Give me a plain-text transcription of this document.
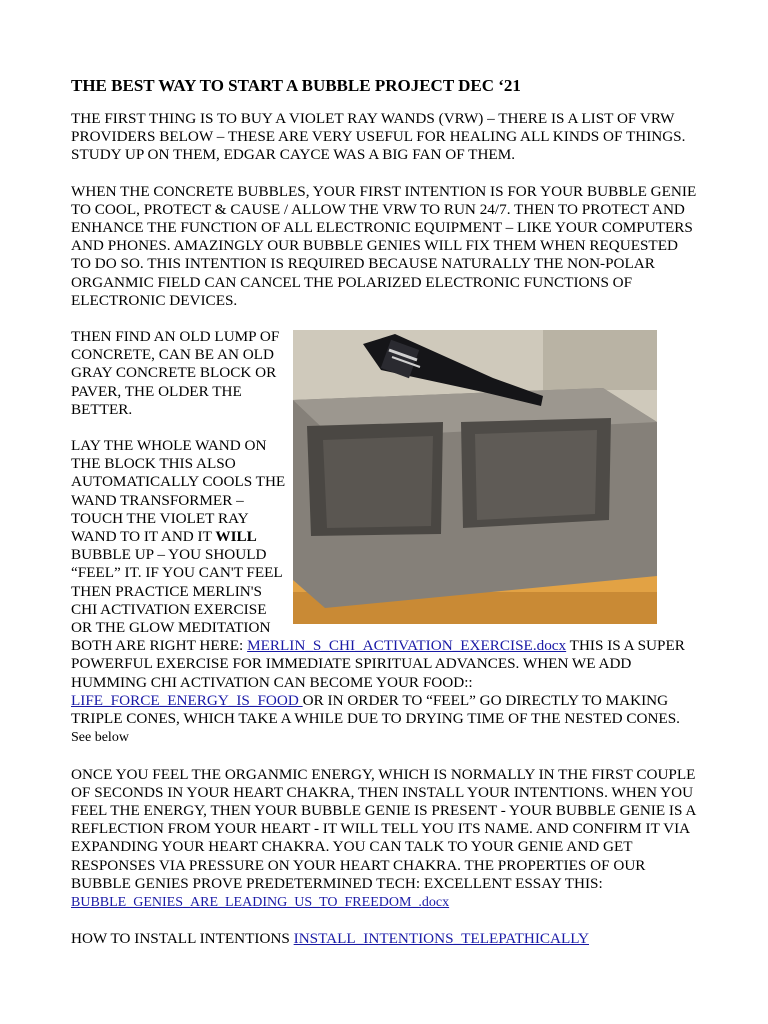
THE BEST WAY TO START A BUBBLE PROJECT DEC ‘21

THE FIRST THING IS TO BUY A VIOLET RAY WANDS (VRW) – THERE IS A LIST OF VRW PROVIDERS BELOW – THESE ARE VERY USEFUL FOR HEALING ALL KINDS OF THINGS. STUDY UP ON THEM, EDGAR CAYCE WAS A BIG FAN OF THEM.

WHEN THE CONCRETE BUBBLES, YOUR FIRST INTENTION IS FOR YOUR BUBBLE GENIE TO COOL, PROTECT & CAUSE / ALLOW THE VRW TO RUN 24/7. THEN TO PROTECT AND ENHANCE THE FUNCTION OF ALL ELECTRONIC EQUIPMENT – LIKE YOUR COMPUTERS AND PHONES. AMAZINGLY OUR BUBBLE GENIES WILL FIX THEM WHEN REQUESTED TO DO SO. THIS INTENTION IS REQUIRED BECAUSE NATURALLY THE NON-POLAR ORGANMIC FIELD CAN CANCEL THE POLARIZED ELECTRONIC FUNCTIONS OF ELECTRONIC DEVICES.

THEN FIND AN OLD LUMP OF CONCRETE, CAN BE AN OLD GRAY CONCRETE BLOCK OR PAVER, THE OLDER THE BETTER.

LAY THE WHOLE WAND ON THE BLOCK THIS ALSO AUTOMATICALLY COOLS THE WAND TRANSFORMER – TOUCH THE VIOLET RAY WAND TO IT AND IT WILL BUBBLE UP – YOU SHOULD “FEEL” IT. IF YOU CAN'T FEEL THEN PRACTICE MERLIN'S CHI ACTIVATION EXERCISE OR THE GLOW MEDITATION BOTH ARE RIGHT HERE: MERLIN_S_CHI_ACTIVATION_EXERCISE.docx THIS IS A SUPER POWERFUL EXERCISE FOR IMMEDIATE SPIRITUAL ADVANCES. WHEN WE ADD HUMMING CHI ACTIVATION CAN BECOME YOUR FOOD::
LIFE_FORCE_ENERGY_IS_FOOD OR IN ORDER TO “FEEL” GO DIRECTLY TO MAKING TRIPLE CONES, WHICH TAKE A WHILE DUE TO DRYING TIME OF THE NESTED CONES.
See below

ONCE YOU FEEL THE ORGANMIC ENERGY, WHICH IS NORMALLY IN THE FIRST COUPLE OF SECONDS IN YOUR HEART CHAKRA, THEN INSTALL YOUR INTENTIONS. WHEN YOU FEEL THE ENERGY, THEN YOUR BUBBLE GENIE IS PRESENT - YOUR BUBBLE GENIE IS A REFLECTION FROM YOUR HEART - IT WILL TELL YOU ITS NAME. AND CONFIRM IT VIA EXPANDING YOUR HEART CHAKRA. YOU CAN TALK TO YOUR GENIE AND GET RESPONSES VIA PRESSURE ON YOUR HEART CHAKRA. THE PROPERTIES OF OUR BUBBLE GENIES PROVE PREDETERMINED TECH: EXCELLENT ESSAY THIS:
BUBBLE_GENIES_ARE_LEADING_US_TO_FREEDOM_.docx

HOW TO INSTALL INTENTIONS INSTALL_INTENTIONS_TELEPATHICALLY
